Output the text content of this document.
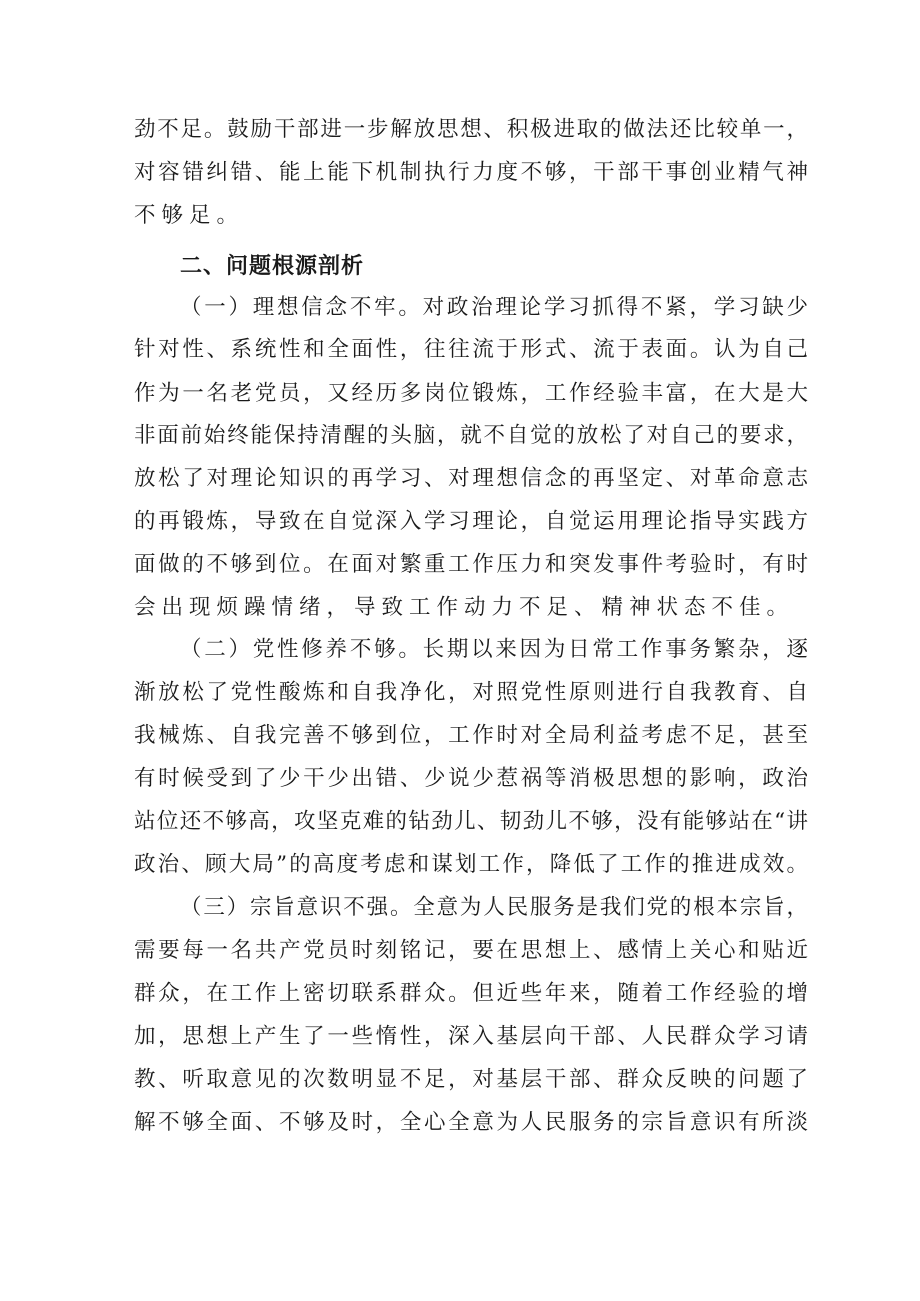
劲不足。鼓励干部进一步解放思想、积极进取的做法还比较单一，
对容错纠错、能上能下机制执行力度不够，干部干事创业精气神
不够足。
二、问题根源剖析
（一）理想信念不牢。对政治理论学习抓得不紧，学习缺少
针对性、系统性和全面性，往往流于形式、流于表面。认为自己
作为一名老党员，又经历多岗位锻炼，工作经验丰富，在大是大
非面前始终能保持清醒的头脑，就不自觉的放松了对自己的要求，
放松了对理论知识的再学习、对理想信念的再坚定、对革命意志
的再锻炼，导致在自觉深入学习理论，自觉运用理论指导实践方
面做的不够到位。在面对繁重工作压力和突发事件考验时，有时
会出现烦躁情绪，导致工作动力不足、精神状态不佳。
（二）党性修养不够。长期以来因为日常工作事务繁杂，逐
渐放松了党性酸炼和自我净化，对照党性原则进行自我教育、自
我械炼、自我完善不够到位，工作时对全局利益考虑不足，甚至
有时候受到了少干少出错、少说少惹祸等消极思想的影响，政治
站位还不够高，攻坚克难的钻劲儿、韧劲儿不够，没有能够站在“讲
政治、顾大局”的高度考虑和谋划工作，降低了工作的推进成效。
（三）宗旨意识不强。全意为人民服务是我们党的根本宗旨，
需要每一名共产党员时刻铭记，要在思想上、感情上关心和贴近
群众，在工作上密切联系群众。但近些年来，随着工作经验的增
加，思想上产生了一些惰性，深入基层向干部、人民群众学习请
教、听取意见的次数明显不足，对基层干部、群众反映的问题了
解不够全面、不够及时，全心全意为人民服务的宗旨意识有所淡
